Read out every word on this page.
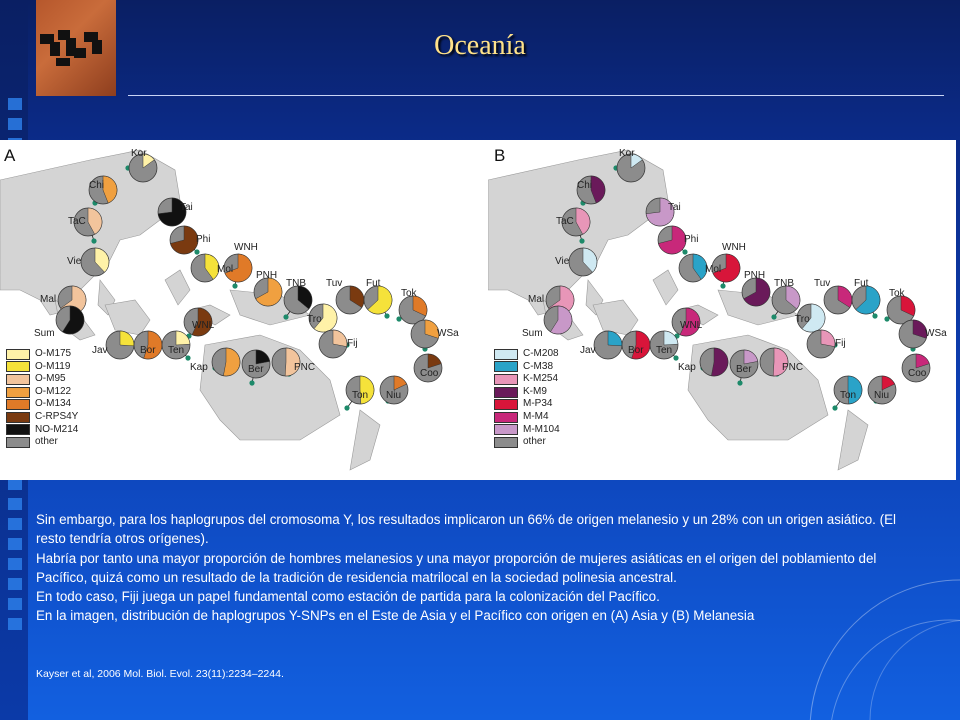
Oceanía
A	Kor
Chi
Tai
TaC
Phi
Mol
WNH
Vie
PNH
TNB
Mal
Tuv Fut
Tok
Tro
WSa
Sum
Fij
WNL
Jav	Bor Ten
Kap	Ber	PNC
Coo
Ton Niu
O-M175
O-M119
O-M95
O-M122
O-M134
C-RPS4Y
NO-M214
other
B	Kor
Chi
Tai
TaC
Phi
Mol
WNH
Vie
PNH
TNB
Mal
Tuv Fut
Tok
Tro
WSa
Sum
Fij
WNL
Jav	Bor Ten
Kap	Ber	PNC
Coo
Ton Niu
C-M208
C-M38
K-M254
K-M9
M-P34
M-M4
M-M104
other

Sin embargo, para los haplogrupos del cromosoma Y, los resultados implicaron un 66% de origen melanesio y un 28% con un origen asiático. (El resto tendría otros orígenes).

Habría por tanto una mayor proporción de hombres melanesios y una mayor proporción de mujeres asiáticas en el origen del poblamiento del Pacífico, quizá como un resultado de la tradición de residencia matrilocal en la sociedad polinesia ancestral.

En todo caso, Fiji juega un papel fundamental como estación de partida para la colonización del Pacífico.

En la imagen, distribución de haplogrupos Y-SNPs en el Este de Asia y el Pacífico con origen en (A) Asia y (B) Melanesia

Kayser et al, 2006 Mol. Biol. Evol. 23(11):2234–2244.
